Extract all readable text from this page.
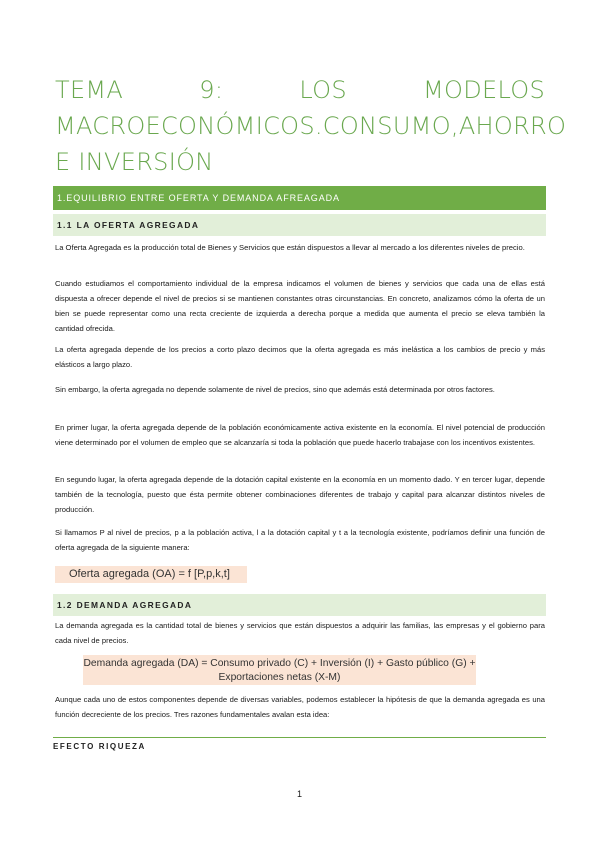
TEMA	9:	LOS	MODELOS
MACROECONÓMICOS. CONSUMO, AHORRO
E INVERSIÓN
1.EQUILIBRIO ENTRE OFERTA Y DEMANDA AFREAGADA
1.1 LA OFERTA AGREGADA
La Oferta Agregada es la producción total de Bienes y Servicios que están dispuestos a llevar al mercado a los diferentes niveles de precio.
Cuando estudiamos el comportamiento individual de la empresa indicamos el volumen de bienes y servicios que cada una de ellas está dispuesta a ofrecer depende el nivel de precios si se mantienen constantes otras circunstancias. En concreto, analizamos cómo la oferta de un bien se puede representar como una recta creciente de izquierda a derecha porque a medida que aumenta el precio se eleva también la cantidad ofrecida.
La oferta agregada depende de los precios a corto plazo decimos que la oferta agregada es más inelástica a los cambios de precio y más elásticos a largo plazo.
Sin embargo, la oferta agregada no depende solamente de nivel de precios, sino que además está determinada por otros factores.
En primer lugar, la oferta agregada depende de la población económicamente activa existente en la economía. El nivel potencial de producción viene determinado por el volumen de empleo que se alcanzaría si toda la población que puede hacerlo trabajase con los incentivos existentes.
En segundo lugar, la oferta agregada depende de la dotación capital existente en la economía en un momento dado. Y en tercer lugar, depende también de la tecnología, puesto que ésta permite obtener combinaciones diferentes de trabajo y capital para alcanzar distintos niveles de producción.
Si llamamos P al nivel de precios, p a la población activa, l a la dotación capital y t a la tecnología existente, podríamos definir una función de oferta agregada de la siguiente manera:
Oferta agregada (OA) = f [P,p,k,t]
1.2 DEMANDA AGREGADA
La demanda agregada es la cantidad total de bienes y servicios que están dispuestos a adquirir las familias, las empresas y el gobierno para cada nivel de precios.
Demanda agregada (DA) = Consumo privado (C) + Inversión (I) + Gasto público (G) +
Exportaciones netas (X-M)
Aunque cada uno de estos componentes depende de diversas variables, podemos establecer la hipótesis de que la demanda agregada es una función decreciente de los precios. Tres razones fundamentales avalan esta idea:
EFECTO RIQUEZA
1
